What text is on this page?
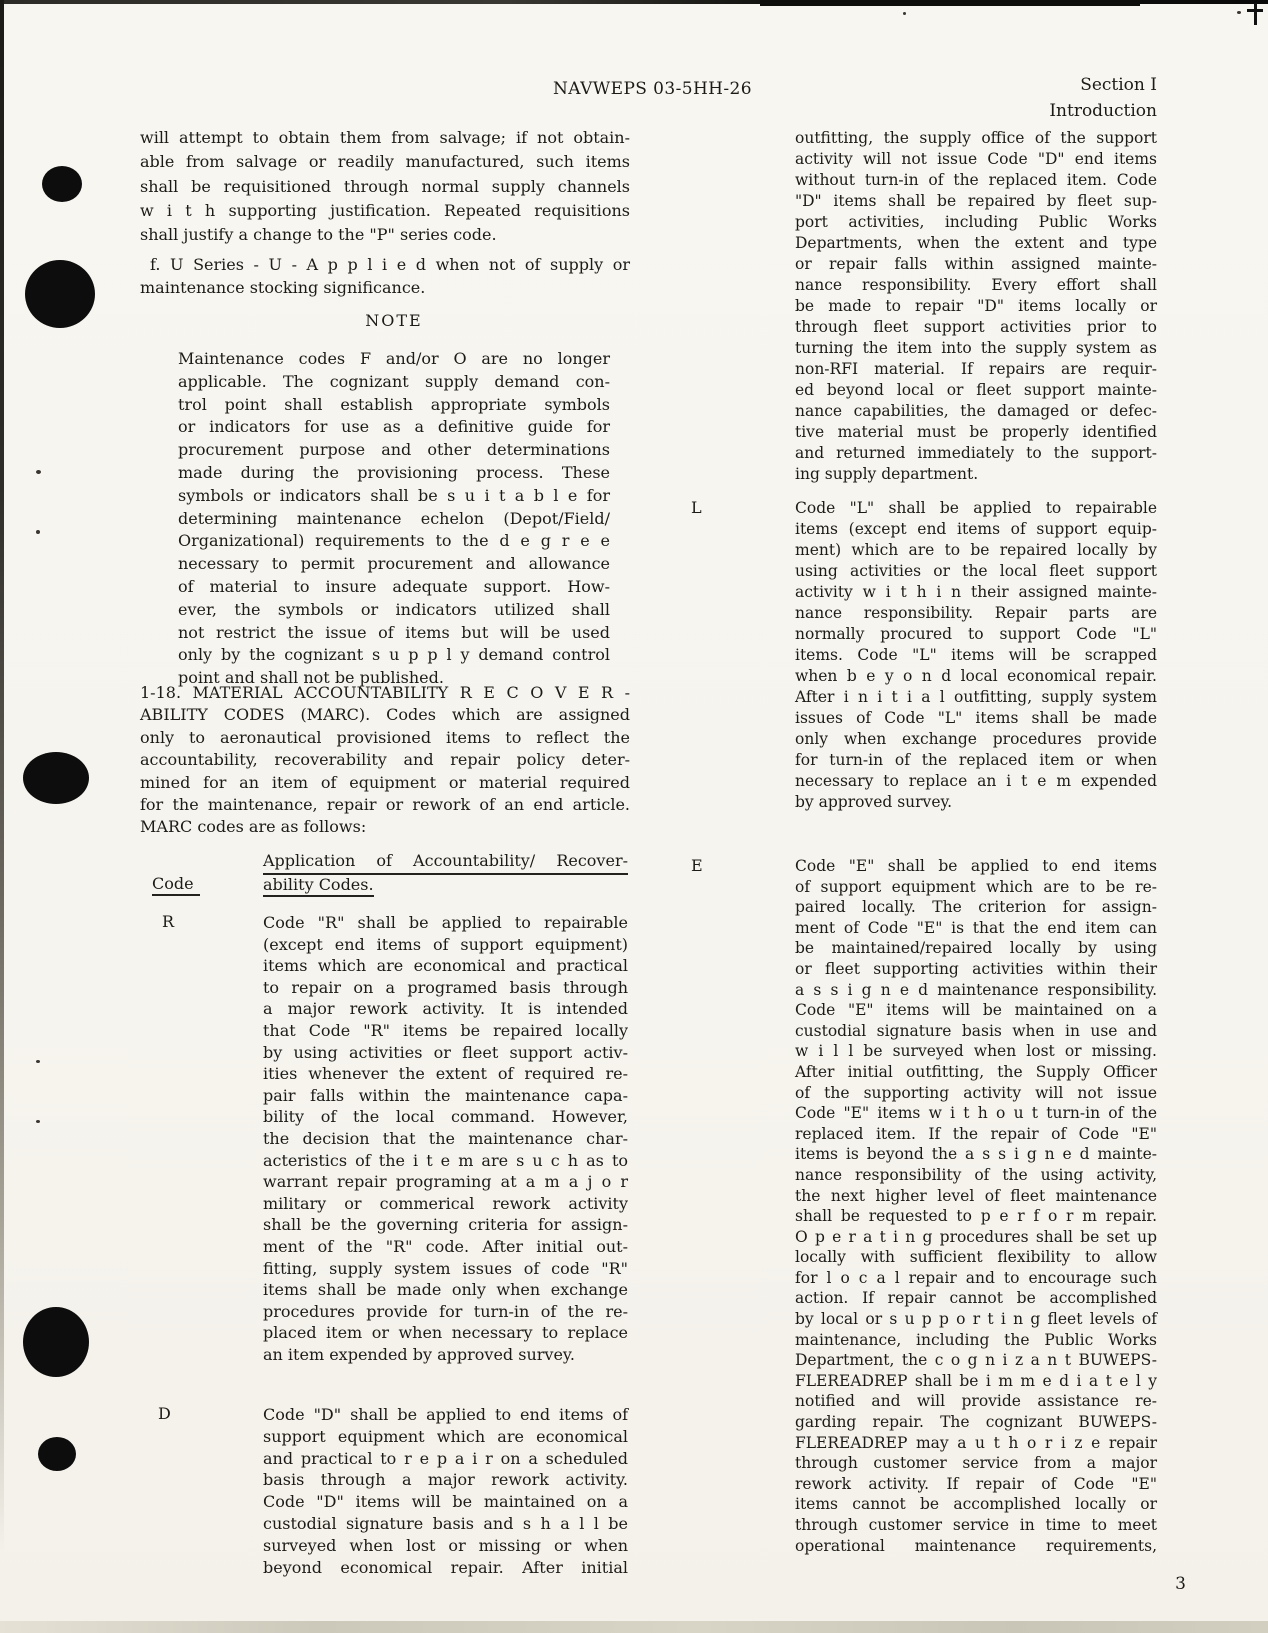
NAVWEPS 03-5HH-26	Section I
Introduction
will attempt to obtain them from salvage; if not obtain-
able from salvage or readily manufactured, such items
shall be requisitioned through normal supply channels
w i t h supporting justification. Repeated requisitions
shall justify a change to the "P" series code.
f. U Series - U - A p p l i e d when not of supply or
maintenance stocking significance.
NOTE
Maintenance codes F and/or O are no longer
applicable. The cognizant supply demand con-
trol point shall establish appropriate symbols
or indicators for use as a definitive guide for
procurement purpose and other determinations
made during the provisioning process. These
symbols or indicators shall be s u i t a b l e for
determining maintenance echelon (Depot/Field/
Organizational) requirements to the d e g r e e
necessary to permit procurement and allowance
of material to insure adequate support. How-
ever, the symbols or indicators utilized shall
not restrict the issue of items but will be used
only by the cognizant s u p p l y demand control
point and shall not be published.
1-18. MATERIAL ACCOUNTABILITY R E C O V E R -
ABILITY CODES (MARC). Codes which are assigned
only to aeronautical provisioned items to reflect the
accountability, recoverability and repair policy deter-
mined for an item of equipment or material required
for the maintenance, repair or rework of an end article.
MARC codes are as follows:
Application of Accountability/ Recover-
ability Codes.
Code
R	Code "R" shall be applied to repairable
(except end items of support equipment)
items which are economical and practical
to repair on a programed basis through
a major rework activity. It is intended
that Code "R" items be repaired locally
by using activities or fleet support activ-
ities whenever the extent of required re-
pair falls within the maintenance capa-
bility of the local command. However,
the decision that the maintenance char-
acteristics of the i t e m are s u c h as to
warrant repair programing at a m a j o r
military or commerical rework activity
shall be the governing criteria for assign-
ment of the "R" code. After initial out-
fitting, supply system issues of code "R"
items shall be made only when exchange
procedures provide for turn-in of the re-
placed item or when necessary to replace
an item expended by approved survey.
D	Code "D" shall be applied to end items of
support equipment which are economical
and practical to r e p a i r on a scheduled
basis through a major rework activity.
Code "D" items will be maintained on a
custodial signature basis and s h a l l be
surveyed when lost or missing or when
beyond economical repair. After initial
outfitting, the supply office of the support
activity will not issue Code "D" end items
without turn-in of the replaced item. Code
"D" items shall be repaired by fleet sup-
port activities, including Public Works
Departments, when the extent and type
or repair falls within assigned mainte-
nance responsibility. Every effort shall
be made to repair "D" items locally or
through fleet support activities prior to
turning the item into the supply system as
non-RFI material. If repairs are requir-
ed beyond local or fleet support mainte-
nance capabilities, the damaged or defec-
tive material must be properly identified
and returned immediately to the support-
ing supply department.
L	Code "L" shall be applied to repairable
items (except end items of support equip-
ment) which are to be repaired locally by
using activities or the local fleet support
activity w i t h i n their assigned mainte-
nance responsibility. Repair parts are
normally procured to support Code "L"
items. Code "L" items will be scrapped
when b e y o n d local economical repair.
After i n i t i a l outfitting, supply system
issues of Code "L" items shall be made
only when exchange procedures provide
for turn-in of the replaced item or when
necessary to replace an i t e m expended
by approved survey.
E	Code "E" shall be applied to end items
of support equipment which are to be re-
paired locally. The criterion for assign-
ment of Code "E" is that the end item can
be maintained/repaired locally by using
or fleet supporting activities within their
a s s i g n e d maintenance responsibility.
Code "E" items will be maintained on a
custodial signature basis when in use and
w i l l be surveyed when lost or missing.
After initial outfitting, the Supply Officer
of the supporting activity will not issue
Code "E" items w i t h o u t turn-in of the
replaced item. If the repair of Code "E"
items is beyond the a s s i g n e d mainte-
nance responsibility of the using activity,
the next higher level of fleet maintenance
shall be requested to p e r f o r m repair.
O p e r a t i n g procedures shall be set up
locally with sufficient flexibility to allow
for l o c a l repair and to encourage such
action. If repair cannot be accomplished
by local or s u p p o r t i n g fleet levels of
maintenance, including the Public Works
Department, the c o g n i z a n t BUWEPS-
FLEREADREP shall be i m m e d i a t e l y
notified and will provide assistance re-
garding repair. The cognizant BUWEPS-
FLEREADREP may a u t h o r i z e repair
through customer service from a major
rework activity. If repair of Code "E"
items cannot be accomplished locally or
through customer service in time to meet
operational maintenance requirements,
3
